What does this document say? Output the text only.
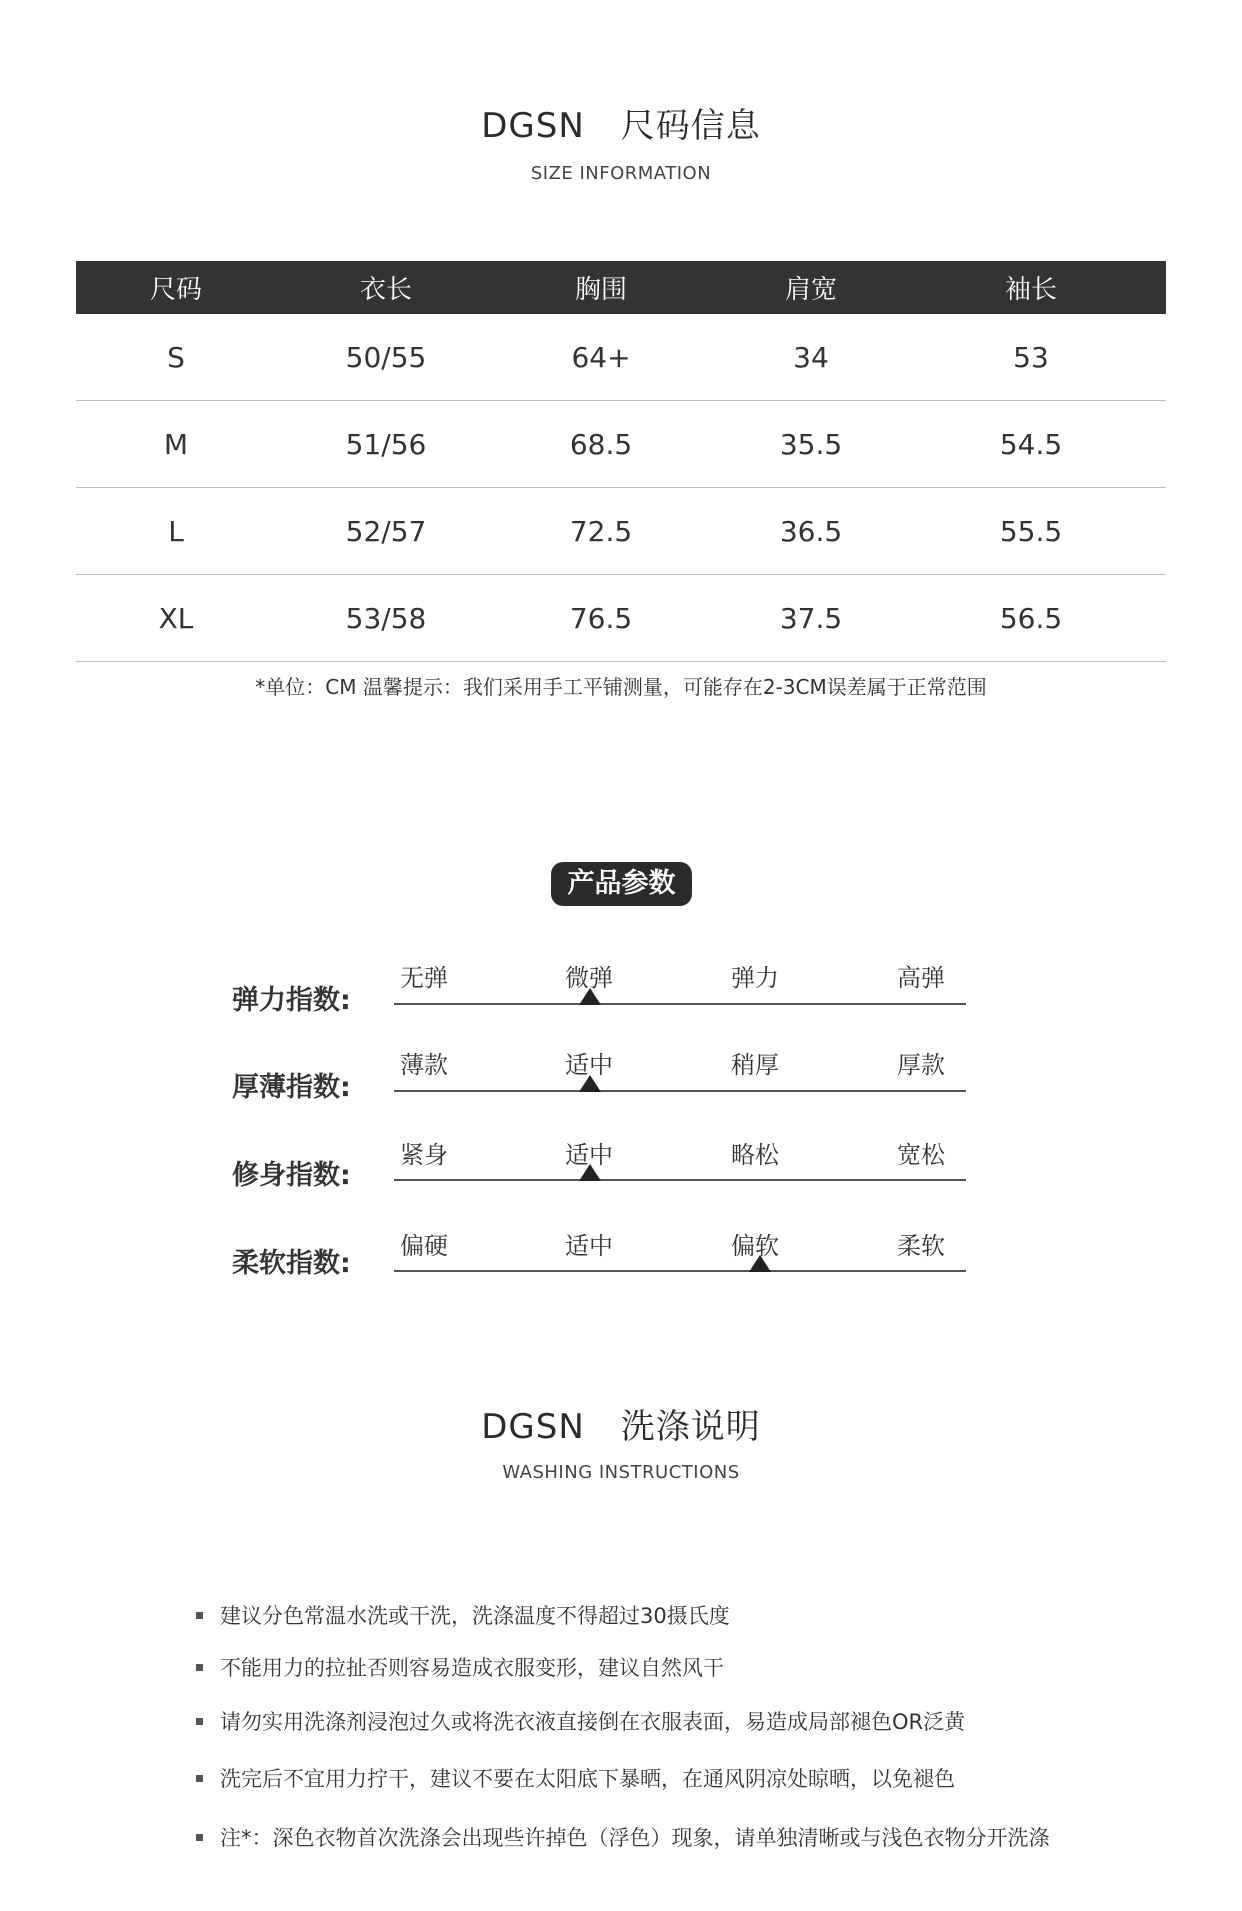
DGSN 尺码信息
SIZE INFORMATION
尺码	衣长	胸围	肩宽	袖长
S	50/55	64+	34	53
M	51/56	68.5	35.5	54.5
L	52/57	72.5	36.5	55.5
XL	53/58	76.5	37.5	56.5
*单位：CM 温馨提示：我们采用手工平铺测量，可能存在2-3CM误差属于正常范围
产品参数
弹力指数:
无弹	微弹	弹力	高弹
厚薄指数:
薄款	适中	稍厚	厚款
修身指数:
紧身	适中	略松	宽松
柔软指数:
偏硬	适中	偏软	柔软
DGSN 洗涤说明
WASHING INSTRUCTIONS
建议分色常温水洗或干洗，洗涤温度不得超过30摄氏度
不能用力的拉扯否则容易造成衣服变形，建议自然风干
请勿实用洗涤剂浸泡过久或将洗衣液直接倒在衣服表面，易造成局部褪色OR泛黄
洗完后不宜用力拧干，建议不要在太阳底下暴晒，在通风阴凉处晾晒，以免褪色
注*：深色衣物首次洗涤会出现些许掉色（浮色）现象，请单独清晰或与浅色衣物分开洗涤
